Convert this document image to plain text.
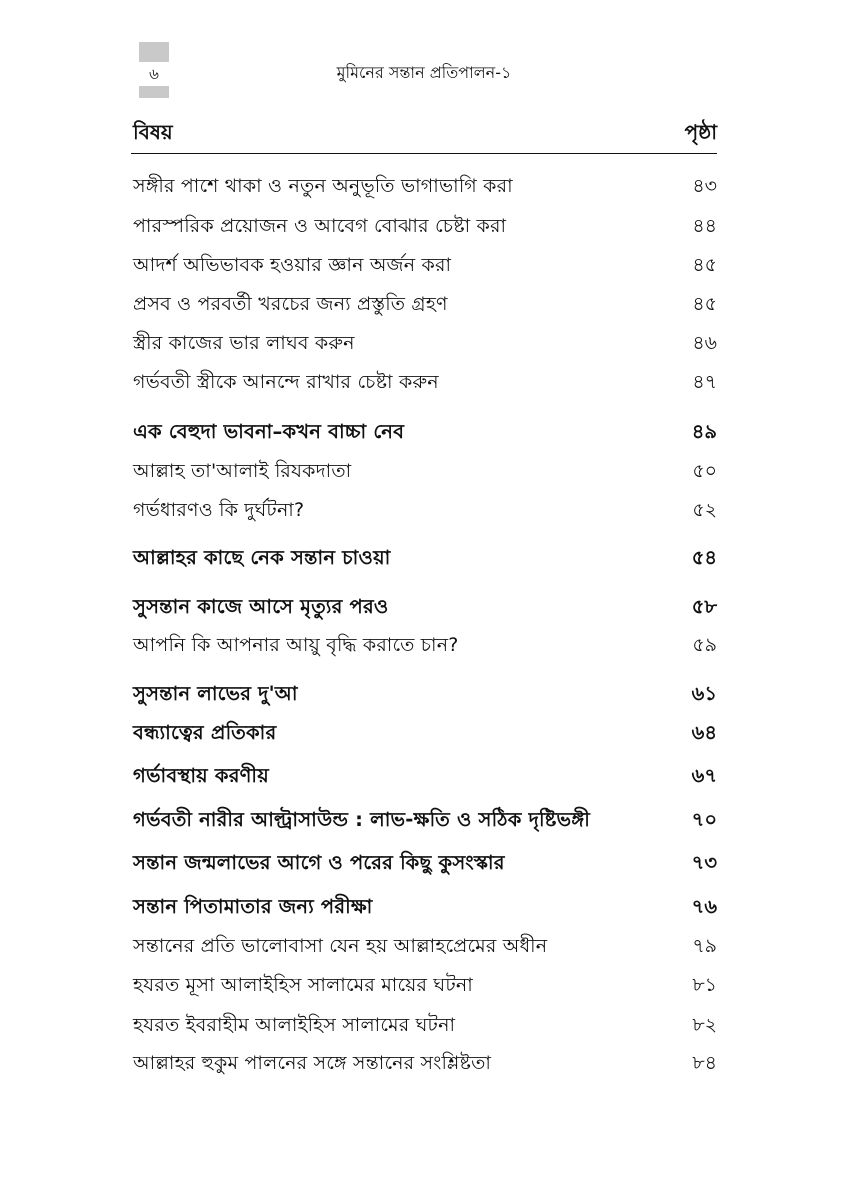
৬	মুমিনের সন্তান প্রতিপালন-১
বিষয়	পৃষ্ঠা
সঙ্গীর পাশে থাকা ও নতুন অনুভূতি ভাগাভাগি করা	৪৩
পারস্পরিক প্রয়োজন ও আবেগ বোঝার চেষ্টা করা	৪৪
আদর্শ অভিভাবক হওয়ার জ্ঞান অর্জন করা	৪৫
প্রসব ও পরবর্তী খরচের জন্য প্রস্তুতি গ্রহণ	৪৫
স্ত্রীর কাজের ভার লাঘব করুন	৪৬
গর্ভবতী স্ত্রীকে আনন্দে রাখার চেষ্টা করুন	৪৭
এক বেহুদা ভাবনা–কখন বাচ্চা নেব	৪৯
আল্লাহ তা'আলাই রিযকদাতা	৫০
গর্ভধারণও কি দুর্ঘটনা?	৫২
আল্লাহর কাছে নেক সন্তান চাওয়া	৫৪
সুসন্তান কাজে আসে মৃত্যুর পরও	৫৮
আপনি কি আপনার আয়ু বৃদ্ধি করাতে চান?	৫৯
সুসন্তান লাভের দু'আ	৬১
বন্ধ্যাত্বের প্রতিকার	৬৪
গর্ভাবস্থায় করণীয়	৬৭
গর্ভবতী নারীর আল্ট্রাসাউন্ড : লাভ-ক্ষতি ও সঠিক দৃষ্টিভঙ্গী	৭০
সন্তান জন্মলাভের আগে ও পরের কিছু কুসংস্কার	৭৩
সন্তান পিতামাতার জন্য পরীক্ষা	৭৬
সন্তানের প্রতি ভালোবাসা যেন হয় আল্লাহপ্রেমের অধীন	৭৯
হযরত মূসা আলাইহিস সালামের মায়ের ঘটনা	৮১
হযরত ইবরাহীম আলাইহিস সালামের ঘটনা	৮২
আল্লাহর হুকুম পালনের সঙ্গে সন্তানের সংশ্লিষ্টতা	৮৪
